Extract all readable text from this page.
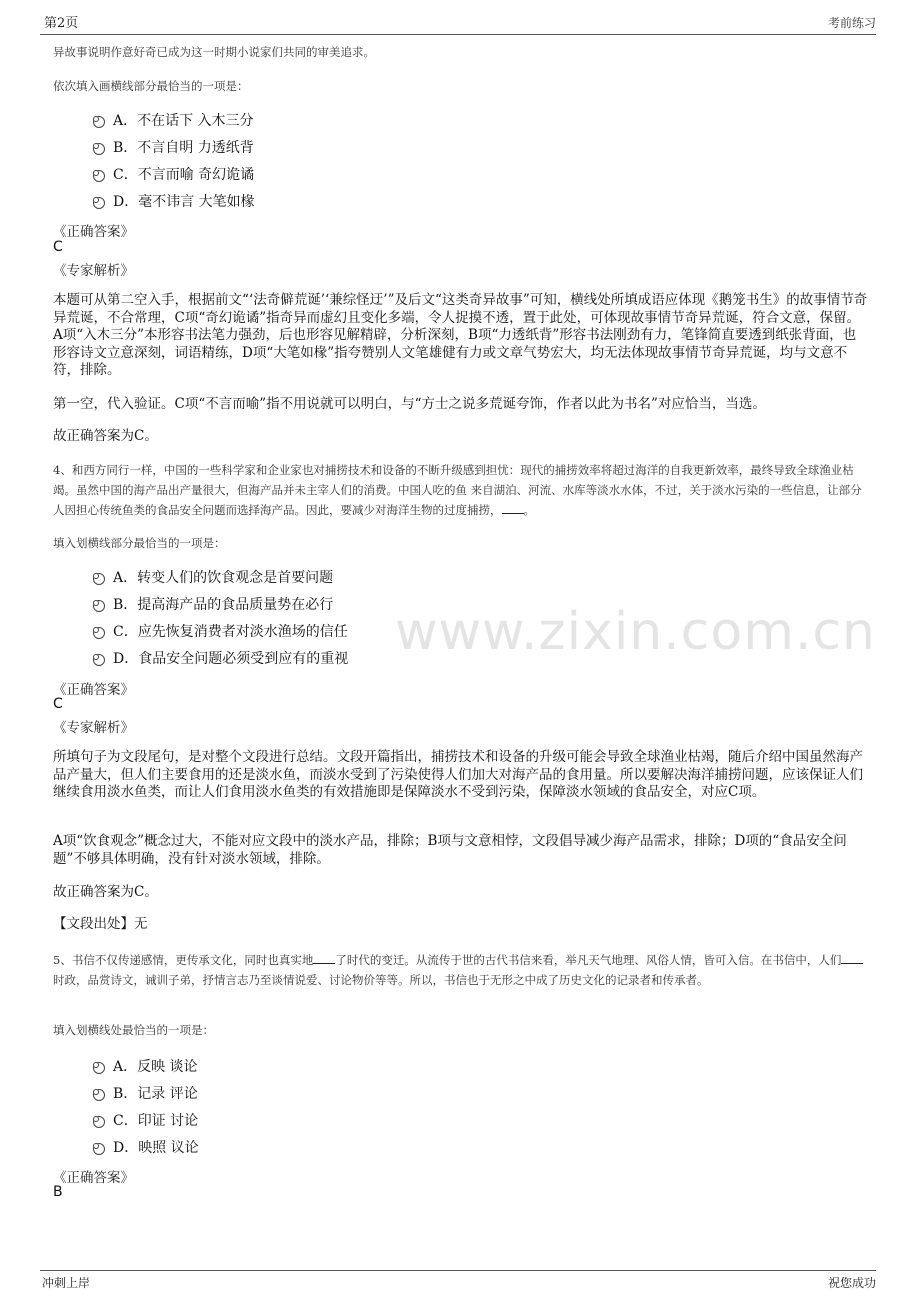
第2页	考前练习
www.zixin.com.cn

异故事说明作意好奇已成为这一时期小说家们共同的审美追求。

依次填入画横线部分最恰当的一项是：

A．不在话下 入木三分
B．不言自明 力透纸背
C．不言而喻 奇幻诡谲
D．毫不讳言 大笔如椽

《正确答案》

C

《专家解析》

本题可从第二空入手，根据前文“‘法奇僻荒诞’‘兼综怪迂’”及后文“这类奇异故事”可知，横线处所填成语应体现《鹅笼书生》的故事情节奇异荒诞，不合常理，C项“奇幻诡谲”指奇异而虚幻且变化多端，令人捉摸不透，置于此处，可体现故事情节奇异荒诞，符合文意，保留。A项“入木三分”本形容书法笔力强劲，后也形容见解精辟，分析深刻，B项“力透纸背”形容书法刚劲有力，笔锋简直要透到纸张背面，也形容诗文立意深刻，词语精练，D项“大笔如椽”指夸赞别人文笔雄健有力或文章气势宏大，均无法体现故事情节奇异荒诞，均与文意不符，排除。

第一空，代入验证。C项“不言而喻”指不用说就可以明白，与“方士之说多荒诞夸饰，作者以此为书名”对应恰当，当选。

故正确答案为C。

4、和西方同行一样，中国的一些科学家和企业家也对捕捞技术和设备的不断升级感到担忧：现代的捕捞效率将超过海洋的自我更新效率，最终导致全球渔业枯竭。虽然中国的海产品出产量很大，但海产品并未主宰人们的消费。中国人吃的鱼 来自湖泊、河流、水库等淡水水体，不过，关于淡水污染的一些信息，让部分人因担心传统鱼类的食品安全问题而选择海产品。因此，要减少对海洋生物的过度捕捞， 。

填入划横线部分最恰当的一项是：

A．转变人们的饮食观念是首要问题
B．提高海产品的食品质量势在必行
C．应先恢复消费者对淡水渔场的信任
D．食品安全问题必须受到应有的重视

《正确答案》

C

《专家解析》

所填句子为文段尾句，是对整个文段进行总结。文段开篇指出，捕捞技术和设备的升级可能会导致全球渔业枯竭，随后介绍中国虽然海产品产量大，但人们主要食用的还是淡水鱼，而淡水受到了污染使得人们加大对海产品的食用量。所以要解决海洋捕捞问题，应该保证人们继续食用淡水鱼类，而让人们食用淡水鱼类的有效措施即是保障淡水不受到污染，保障淡水领域的食品安全，对应C项。

A项“饮食观念”概念过大，不能对应文段中的淡水产品，排除；B项与文意相悖，文段倡导减少海产品需求，排除；D项的“食品安全问题”不够具体明确，没有针对淡水领域，排除。

故正确答案为C。

【文段出处】无

5、书信不仅传递感情，更传承文化，同时也真实地 了时代的变迁。从流传于世的古代书信来看，举凡天气地理、风俗人情，皆可入信。在书信中，人们时政，品赏诗文，诫训子弟，抒情言志乃至谈情说爱、讨论物价等等。所以，书信也于无形之中成了历史文化的记录者和传承者。

填入划横线处最恰当的一项是：

A．反映 谈论
B．记录 评论
C．印证 讨论
D．映照 议论

《正确答案》

B

冲刺上岸	祝您成功
